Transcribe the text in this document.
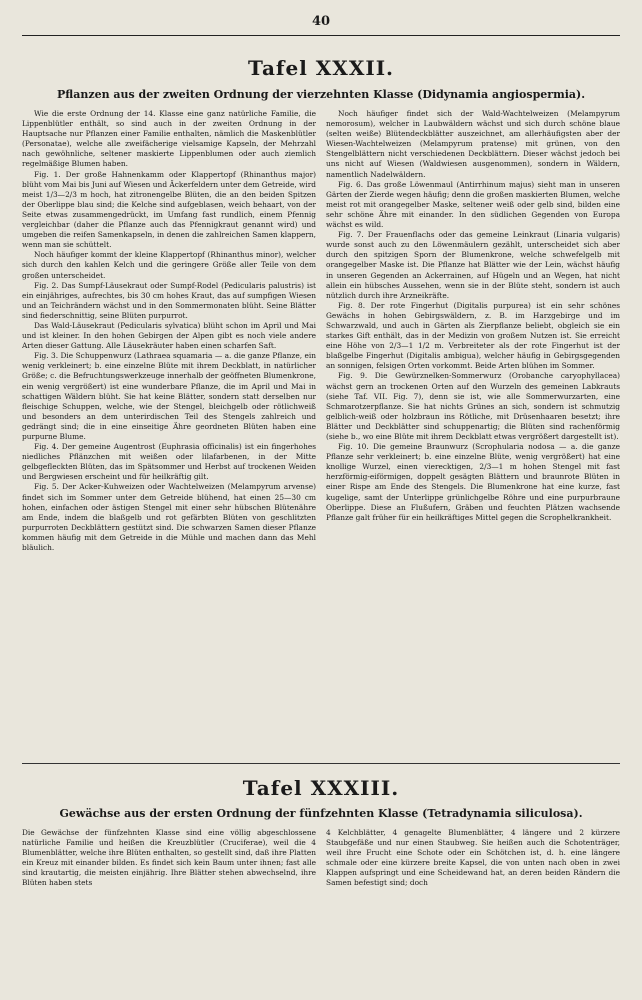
40
Tafel XXXII.
Pflanzen aus der zweiten Ordnung der vierzehnten Klasse (Didynamia angiospermia).

Wie die erste Ordnung der 14. Klasse eine ganz natürliche Familie, die Lippenblütler enthält, so sind auch in der zweiten Ordnung in der Hauptsache nur Pflanzen einer Familie enthalten, nämlich die Maskenblütler (Personatae), welche alle zweifächerige vielsamige Kapseln, der Mehrzahl nach gewöhnliche, seltener maskierte Lippenblumen oder auch ziemlich regelmäßige Blumen haben.

Fig. 1. Der große Hahnenkamm oder Klappertopf (Rhinanthus major) blüht vom Mai bis Juni auf Wiesen und Äckerfeldern unter dem Getreide, wird meist 1/3—2/3 m hoch, hat zitronengelbe Blüten, die an den beiden Spitzen der Oberlippe blau sind; die Kelche sind aufgeblasen, weich behaart, von der Seite etwas zusammengedrückt, im Umfang fast rundlich, einem Pfennig vergleichbar (daher die Pflanze auch das Pfennigkraut genannt wird) und umgeben die reifen Samenkapseln, in denen die zahlreichen Samen klappern, wenn man sie schüttelt.

Noch häufiger kommt der kleine Klappertopf (Rhinanthus minor), welcher sich durch den kahlen Kelch und die geringere Größe aller Teile von dem großen unterscheidet.

Fig. 2. Das Sumpf-Läusekraut oder Sumpf-Rodel (Pedicularis palustris) ist ein einjähriges, aufrechtes, bis 30 cm hohes Kraut, das auf sumpfigen Wiesen und an Teichrändern wächst und in den Sommermonaten blüht. Seine Blätter sind fiederschnittig, seine Blüten purpurrot.

Das Wald-Läusekraut (Pedicularis sylvatica) blüht schon im April und Mai und ist kleiner. In den hohen Gebirgen der Alpen gibt es noch viele andere Arten dieser Gattung. Alle Läusekräuter haben einen scharfen Saft.

Fig. 3. Die Schuppenwurz (Lathraea squamaria — a. die ganze Pflanze, ein wenig verkleinert; b. eine einzelne Blüte mit ihrem Deckblatt, in natürlicher Größe; c. die Befruchtungswerkzeuge innerhalb der geöffneten Blumenkrone, ein wenig vergrößert) ist eine wunderbare Pflanze, die im April und Mai in schattigen Wäldern blüht. Sie hat keine Blätter, sondern statt derselben nur fleischige Schuppen, welche, wie der Stengel, bleichgelb oder rötlichweiß und besonders an dem unterirdischen Teil des Stengels zahlreich und gedrängt sind; die in eine einseitige Ähre geordneten Blüten haben eine purpurne Blume.

Fig. 4. Der gemeine Augentrost (Euphrasia officinalis) ist ein fingerhohes niedliches Pflänzchen mit weißen oder lilafarbenen, in der Mitte gelbgefleckten Blüten, das im Spätsommer und Herbst auf trockenen Weiden und Bergwiesen erscheint und für heilkräftig gilt.

Fig. 5. Der Acker-Kuhweizen oder Wachtelweizen (Melampyrum arvense) findet sich im Sommer unter dem Getreide blühend, hat einen 25—30 cm hohen, einfachen oder ästigen Stengel mit einer sehr hübschen Blütenähre am Ende, indem die blaßgelb und rot gefärbten Blüten von geschlitzten purpurroten Deckblättern gestützt sind. Die schwarzen Samen dieser Pflanze kommen häufig mit dem Getreide in die Mühle und machen dann das Mehl bläulich.

Noch häufiger findet sich der Wald-Wachtelweizen (Melampyrum nemorosum), welcher in Laubwäldern wächst und sich durch schöne blaue (selten weiße) Blütendeckblätter auszeichnet, am allerhäufigsten aber der Wiesen-Wachtelweizen (Melampyrum pratense) mit grünen, von den Stengelblättern nicht verschiedenen Deckblättern. Dieser wächst jedoch bei uns nicht auf Wiesen (Waldwiesen ausgenommen), sondern in Wäldern, namentlich Nadelwäldern.

Fig. 6. Das große Löwenmaul (Antirrhinum majus) sieht man in unseren Gärten der Zierde wegen häufig; denn die großen maskierten Blumen, welche meist rot mit orangegelber Maske, seltener weiß oder gelb sind, bilden eine sehr schöne Ähre mit einander. In den südlichen Gegenden von Europa wächst es wild.

Fig. 7. Der Frauenflachs oder das gemeine Leinkraut (Linaria vulgaris) wurde sonst auch zu den Löwenmäulern gezählt, unterscheidet sich aber durch den spitzigen Sporn der Blumenkrone, welche schwefelgelb mit orangegelber Maske ist. Die Pflanze hat Blätter wie der Lein, wächst häufig in unseren Gegenden an Ackerrainen, auf Hügeln und an Wegen, hat nicht allein ein hübsches Aussehen, wenn sie in der Blüte steht, sondern ist auch nützlich durch ihre Arzneikräfte.

Fig. 8. Der rote Fingerhut (Digitalis purpurea) ist ein sehr schönes Gewächs in hohen Gebirgswäldern, z. B. im Harzgebirge und im Schwarzwald, und auch in Gärten als Zierpflanze beliebt, obgleich sie ein starkes Gift enthält, das in der Medizin von großem Nutzen ist. Sie erreicht eine Höhe von 2/3—1 1/2 m. Verbreiteter als der rote Fingerhut ist der blaßgelbe Fingerhut (Digitalis ambigua), welcher häufig in Gebirgsgegenden an sonnigen, felsigen Orten vorkommt. Beide Arten blühen im Sommer.

Fig. 9. Die Gewürznelken-Sommerwurz (Orobanche caryophyllacea) wächst gern an trockenen Orten auf den Wurzeln des gemeinen Labkrauts (siehe Taf. VII. Fig. 7), denn sie ist, wie alle Sommerwurzarten, eine Schmarotzerpflanze. Sie hat nichts Grünes an sich, sondern ist schmutzig gelblich-weiß oder holzbraun ins Rötliche, mit Drüsenhaaren besetzt; ihre Blätter und Deckblätter sind schuppenartig; die Blüten sind rachenförmig (siehe b., wo eine Blüte mit ihrem Deckblatt etwas vergrößert dargestellt ist).

Fig. 10. Die gemeine Braunwurz (Scrophularia nodosa — a. die ganze Pflanze sehr verkleinert; b. eine einzelne Blüte, wenig vergrößert) hat eine knollige Wurzel, einen vierecktigen, 2/3—1 m hohen Stengel mit fast herzförmig-eiförmigen, doppelt gesägten Blättern und braunrote Blüten in einer Rispe am Ende des Stengels. Die Blumenkrone hat eine kurze, fast kugelige, samt der Unterlippe grünlichgelbe Röhre und eine purpurbraune Oberlippe. Diese an Flußufern, Gräben und feuchten Plätzen wachsende Pflanze galt früher für ein heilkräftiges Mittel gegen die Scrophelkrankheit.

Tafel XXXIII.
Gewächse aus der ersten Ordnung der fünfzehnten Klasse (Tetradynamia siliculosa).

Die Gewächse der fünfzehnten Klasse sind eine völlig abgeschlossene natürliche Familie und heißen die Kreuzblütler (Cruciferae), weil die 4 Blumenblätter, welche ihre Blüten enthalten, so gestellt sind, daß ihre Platten ein Kreuz mit einander bilden. Es findet sich kein Baum unter ihnen; fast alle sind krautartig, die meisten einjährig. Ihre Blätter stehen abwechselnd, ihre Blüten haben stets

4 Kelchblätter, 4 genagelte Blumenblätter, 4 längere und 2 kürzere Staubgefäße und nur einen Staubweg. Sie heißen auch die Schotenträger, weil ihre Frucht eine Schote oder ein Schötchen ist, d. h. eine längere schmale oder eine kürzere breite Kapsel, die von unten nach oben in zwei Klappen aufspringt und eine Scheidewand hat, an deren beiden Rändern die Samen befestigt sind; doch
